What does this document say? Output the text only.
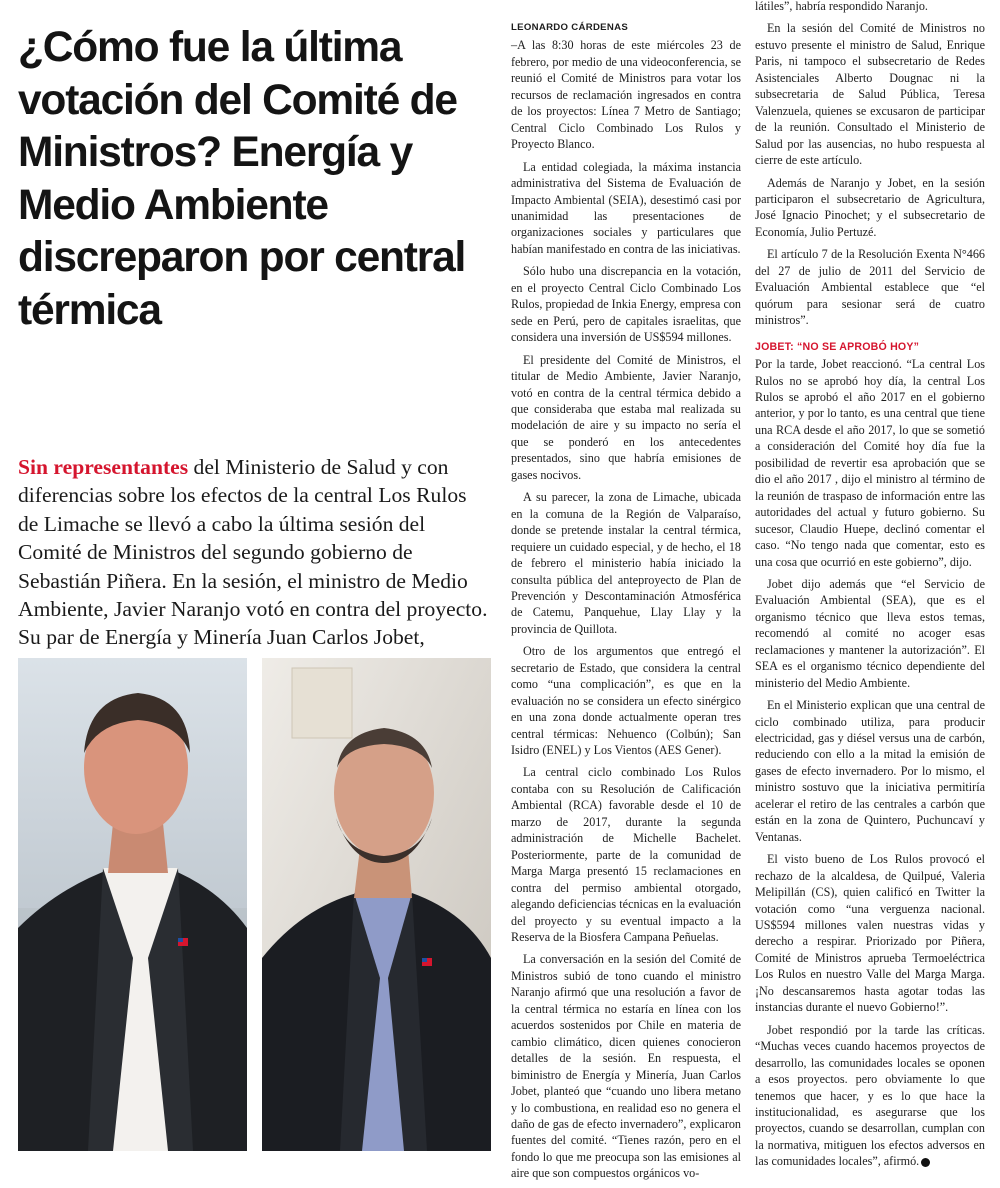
¿Cómo fue la última votación del Comité de Ministros? Energía y Medio Ambiente discreparon por central térmica

Sin representantes del Ministerio de Salud y con diferencias sobre los efectos de la central Los Rulos de Limache se llevó a cabo la última sesión del Comité de Ministros del segundo gobierno de Sebastián Piñera. En la sesión, el ministro de Medio Ambiente, Javier Naranjo votó en contra del proyecto. Su par de Energía y Minería Juan Carlos Jobet,

LEONARDO CÁRDENAS

–A las 8:30 horas de este miércoles 23 de febrero, por medio de una videoconferencia, se reunió el Comité de Ministros para votar los recursos de reclamación ingresados en contra de los proyectos: Línea 7 Metro de Santiago; Central Ciclo Combinado Los Rulos y Proyecto Blanco.

La entidad colegiada, la máxima instancia administrativa del Sistema de Evaluación de Impacto Ambiental (SEIA), desestimó casi por unanimidad las presentaciones de organizaciones sociales y particulares que habían manifestado en contra de las iniciativas.

Sólo hubo una discrepancia en la votación, en el proyecto Central Ciclo Combinado Los Rulos, propiedad de Inkia Energy, empresa con sede en Perú, pero de capitales israelitas, que considera una inversión de US$594 millones.

El presidente del Comité de Ministros, el titular de Medio Ambiente, Javier Naranjo, votó en contra de la central térmica debido a que consideraba que estaba mal realizada su modelación de aire y su impacto no sería el que se ponderó en los antecedentes presentados, sino que habría emisiones de gases nocivos.

A su parecer, la zona de Limache, ubicada en la comuna de la Región de Valparaíso, donde se pretende instalar la central térmica, requiere un cuidado especial, y de hecho, el 18 de febrero el ministerio había iniciado la consulta pública del anteproyecto de Plan de Prevención y Descontaminación Atmosférica de Catemu, Panquehue, Llay Llay y la provincia de Quillota.

Otro de los argumentos que entregó el secretario de Estado, que considera la central como “una complicación”, es que en la evaluación no se considera un efecto sinérgico en una zona donde actualmente operan tres central térmicas: Nehuenco (Colbún); San Isidro (ENEL) y Los Vientos (AES Gener).

La central ciclo combinado Los Rulos contaba con su Resolución de Calificación Ambiental (RCA) favorable desde el 10 de marzo de 2017, durante la segunda administración de Michelle Bachelet. Posteriormente, parte de la comunidad de Marga Marga presentó 15 reclamaciones en contra del permiso ambiental otorgado, alegando deficiencias técnicas en la evaluación del proyecto y su eventual impacto a la Reserva de la Biosfera Campana Peñuelas.

La conversación en la sesión del Comité de Ministros subió de tono cuando el ministro Naranjo afirmó que una resolución a favor de la central térmica no estaría en línea con los acuerdos sostenidos por Chile en materia de cambio climático, dicen quienes conocieron detalles de la sesión. En respuesta, el biministro de Energía y Minería, Juan Carlos Jobet, planteó que “cuando uno libera metano y lo combustiona, en realidad eso no genera el daño de gas de efecto invernadero”, explicaron fuentes del comité. “Tienes razón, pero en el fondo lo que me preocupa son las emisiones al aire que son compuestos orgánicos vo-

látiles”, habría respondido Naranjo.

En la sesión del Comité de Ministros no estuvo presente el ministro de Salud, Enrique Paris, ni tampoco el subsecretario de Redes Asistenciales Alberto Dougnac ni la subsecretaria de Salud Pública, Teresa Valenzuela, quienes se excusaron de participar de la reunión. Consultado el Ministerio de Salud por las ausencias, no hubo respuesta al cierre de este artículo.

Además de Naranjo y Jobet, en la sesión participaron el subsecretario de Agricultura, José Ignacio Pinochet; y el subsecretario de Economía, Julio Pertuzé.

El artículo 7 de la Resolución Exenta N°466 del 27 de julio de 2011 del Servicio de Evaluación Ambiental establece que “el quórum para sesionar será de cuatro ministros”.

JOBET: “NO SE APROBÓ HOY”

Por la tarde, Jobet reaccionó. “La central Los Rulos no se aprobó hoy día, la central Los Rulos se aprobó el año 2017 en el gobierno anterior, y por lo tanto, es una central que tiene una RCA desde el año 2017, lo que se sometió a consideración del Comité hoy día fue la posibilidad de revertir esa aprobación que se dio el año 2017 , dijo el ministro al término de la reunión de traspaso de información entre las autoridades del actual y futuro gobierno. Su sucesor, Claudio Huepe, declinó comentar el caso. “No tengo nada que comentar, esto es una cosa que ocurrió en este gobierno”, dijo.

Jobet dijo además que “el Servicio de Evaluación Ambiental (SEA), que es el organismo técnico que lleva estos temas, recomendó al comité no acoger esas reclamaciones y mantener la autorización”. El SEA es el organismo técnico dependiente del ministerio del Medio Ambiente.

En el Ministerio explican que una central de ciclo combinado utiliza, para producir electricidad, gas y diésel versus una de carbón, reduciendo con ello a la mitad la emisión de gases de efecto invernadero. Por lo mismo, el ministro sostuvo que la iniciativa permitiría acelerar el retiro de las centrales a carbón que están en la zona de Quintero, Puchuncaví y Ventanas.

El visto bueno de Los Rulos provocó el rechazo de la alcaldesa, de Quilpué, Valeria Melipillán (CS), quien calificó en Twitter la votación como “una verguenza nacional. US$594 millones valen nuestras vidas y derecho a respirar. Priorizado por Piñera, Comité de Ministros aprueba Termoeléctrica Los Rulos en nuestro Valle del Marga Marga. ¡No descansaremos hasta agotar todas las instancias durante el nuevo Gobierno!”.

Jobet respondió por la tarde las críticas. “Muchas veces cuando hacemos proyectos de desarrollo, las comunidades locales se oponen a esos proyectos. pero obviamente lo que tenemos que hacer, y es lo que hace la institucionalidad, es asegurarse que los proyectos, cuando se desarrollan, cumplan con la normativa, mitiguen los efectos adversos en las comunidades locales”, afirmó. P
